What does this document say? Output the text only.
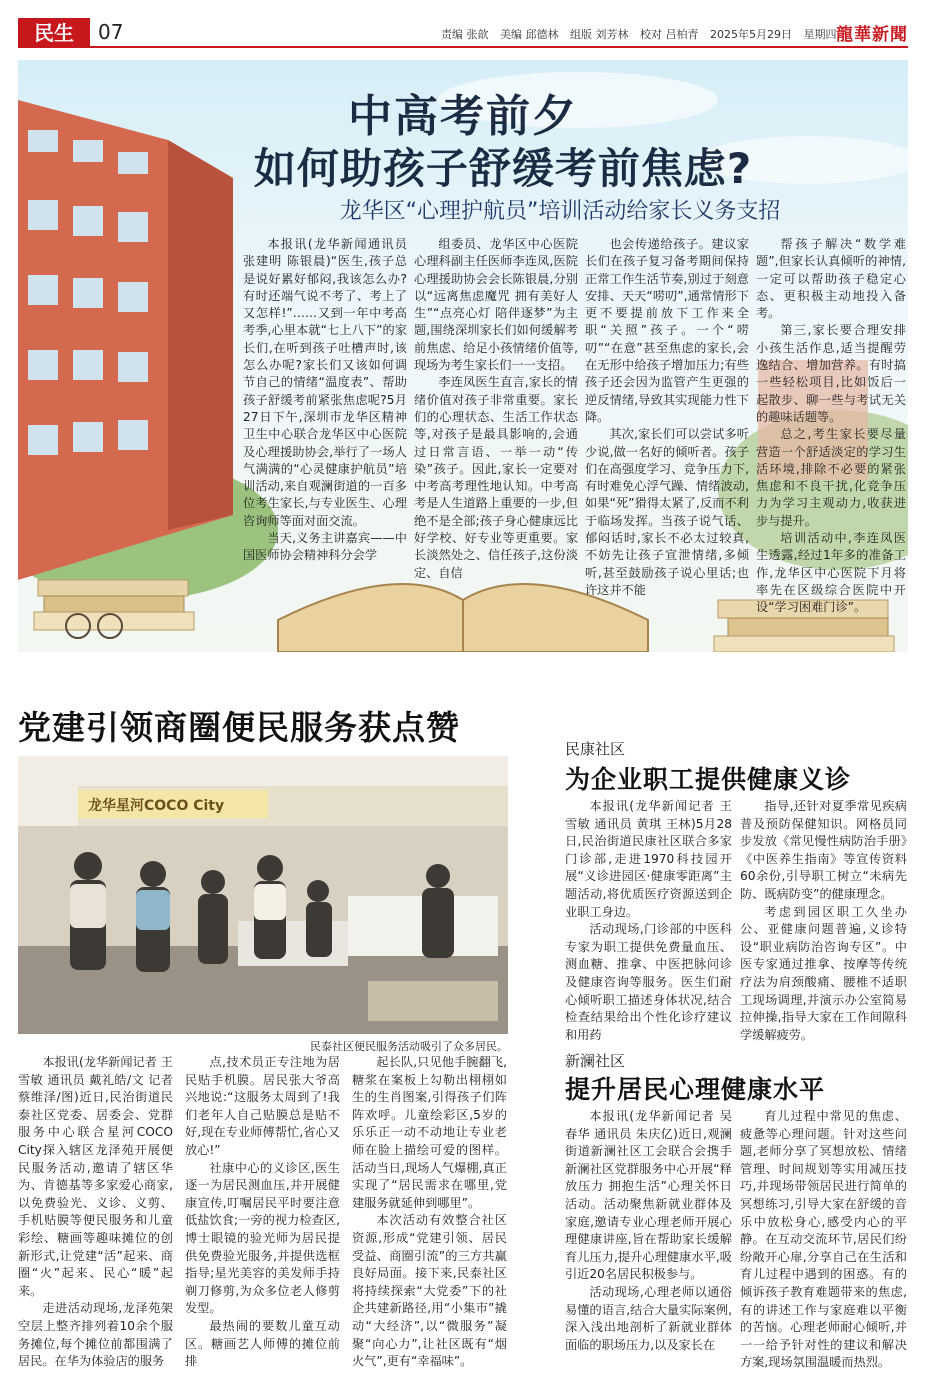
民生	07	责编 张歆 美编 邱德林 组版 刘芳林 校对 吕柏青 2025年5月29日 星期四 龍華新聞
中高考前夕
如何助孩子舒缓考前焦虑?
龙华区“心理护航员”培训活动给家长义务支招

本报讯(龙华新闻通讯员 张建明 陈银晨)“医生,孩子总是说好累好郁闷,我该怎么办?有时还端气说不考了、考上了又怎样!”……又到一年中考高考季,心里本就“七上八下”的家长们,在听到孩子吐槽声时,该怎么办呢?家长们又该如何调节自己的情绪“温度表”、帮助孩子舒缓考前紧张焦虑呢?5月27日下午,深圳市龙华区精神卫生中心联合龙华区中心医院及心理援助协会,举行了一场人气满满的“心灵健康护航员”培训活动,来自观澜街道的一百多位考生家长,与专业医生、心理咨询师等面对面交流。

当天,义务主讲嘉宾——中国医师协会精神科分会学

组委员、龙华区中心医院心理科副主任医师李连凤,医院心理援助协会会长陈银晨,分别以“远离焦虑魔咒 拥有美好人生”“点亮心灯 陪伴逐梦”为主题,围绕深圳家长们如何缓解考前焦虑、给足小孩情绪价值等,现场为考生家长们一一支招。

李连凤医生直言,家长的情绪价值对孩子非常重要。家长们的心理状态、生活工作状态等,对孩子是最具影响的,会通过日常言语、一举一动“传染”孩子。因此,家长一定要对中考高考理性地认知。中考高考是人生道路上重要的一步,但绝不是全部;孩子身心健康远比好学校、好专业等更重要。家长淡然处之、信任孩子,这份淡定、自信

也会传递给孩子。建议家长们在孩子复习备考期间保持正常工作生活节奏,别过于刻意安排、天天“唠叨”,通常情形下更不要提前放下工作来全职“关照”孩子。一个“唠叨”“在意”甚至焦虑的家长,会在无形中给孩子增加压力;有些孩子还会因为监管产生更强的逆反情绪,导致其实现能力性下降。

其次,家长们可以尝试多听少说,做一名好的倾听者。孩子们在高强度学习、竞争压力下,有时难免心浮气躁、情绪波动,如果“死”猾得太紧了,反而不利于临场发挥。当孩子说气话、郁闷话时,家长不必太过较真,不妨先让孩子宣泄情绪,多倾听,甚至鼓励孩子说心里话;也许这并不能

帮孩子解决“数学难题”,但家长认真倾听的神情,一定可以帮助孩子稳定心态、更积极主动地投入备考。

第三,家长要合理安排小孩生活作息,适当提醒劳逸结合、增加营养。有时搞一些轻松项目,比如饭后一起散步、聊一些与考试无关的趣味话题等。

总之,考生家长要尽量营造一个舒适淡定的学习生活环境,排除不必要的紧张焦虑和不良干扰,化竞争压力为学习主观动力,收获进步与提升。

培训活动中,李连凤医生透露,经过1年多的准备工作,龙华区中心医院下月将率先在区级综合医院中开设“学习困难门诊”。

党建引领商圈便民服务获点赞
龙华星河COCO City
民泰社区便民服务活动吸引了众多居民。

本报讯(龙华新闻记者 王雪敏 通讯员 戴礼皓/文 记者 蔡维泽/图)近日,民治街道民泰社区党委、居委会、党群服务中心联合星河COCO City探入辖区龙泽苑开展便民服务活动,邀请了辖区华为、肯德基等多家爱心商家,以免费验光、义诊、义剪、手机贴膜等便民服务和儿童彩绘、糖画等趣味摊位的创新形式,让党建“活”起来、商圈“火”起来、民心“暖”起来。

走进活动现场,龙泽苑架空层上整齐排列着10余个服务摊位,每个摊位前都围满了居民。在华为体验店的服务

点,技术员正专注地为居民贴手机膜。居民张大爷高兴地说:“这服务太周到了!我们老年人自己贴膜总是贴不好,现在专业师傅帮忙,省心又放心!”

社康中心的义诊区,医生逐一为居民测血压,并开展健康宣传,叮嘱居民平时要注意低盐饮食;一旁的视力检查区,博士眼镜的验光师为居民提供免费验光服务,并提供选框指导;星光美容的美发师手持剃刀修剪,为众多位老人修剪发型。

最热闹的要数儿童互动区。糖画艺人师傅的摊位前排

起长队,只见他手腕翻飞,糖浆在案板上勾勒出栩栩如生的生肖图案,引得孩子们阵阵欢呼。儿童绘彩区,5岁的乐乐正一动不动地让专业老师在脸上描绘可爱的图样。活动当日,现场人气爆棚,真正实现了“居民需求在哪里,党建服务就延伸到哪里”。

本次活动有效整合社区资源,形成“党建引领、居民受益、商圈引流”的三方共赢良好局面。接下来,民泰社区将持续探索“大党委”下的社企共建新路径,用“小集市”撬动“大经济”,以“微服务”凝聚“向心力”,让社区既有“烟火气”,更有“幸福味”。

民康社区
为企业职工提供健康义诊

本报讯(龙华新闻记者 王雪敏 通讯员 黄琪 王林)5月28日,民治街道民康社区联合多家门诊部,走进1970科技园开展“义诊进园区·健康零距离”主题活动,将优质医疗资源送到企业职工身边。

活动现场,门诊部的中医科专家为职工提供免费量血压、测血糖、推拿、中医把脉问诊及健康咨询等服务。医生们耐心倾听职工描述身体状况,结合检查结果给出个性化诊疗建议和用药

指导,还针对夏季常见疾病普及预防保健知识。网格员同步发放《常见慢性病防治手册》《中医养生指南》等宣传资料60余份,引导职工树立“未病先防、既病防变”的健康理念。

考虑到园区职工久坐办公、亚健康问题普遍,义诊特设“职业病防治咨询专区”。中医专家通过推拿、按摩等传统疗法为肩颈酸痛、腰椎不适职工现场调理,并演示办公室简易拉伸操,指导大家在工作间隙科学缓解疲劳。

新澜社区
提升居民心理健康水平

本报讯(龙华新闻记者 吴春华 通讯员 朱庆亿)近日,观澜街道新澜社区工会联合会携手新澜社区党群服务中心开展“释放压力 拥抱生活”心理关怀日活动。活动聚焦新就业群体及家庭,邀请专业心理老师开展心理健康讲座,旨在帮助家长缓解育儿压力,提升心理健康水平,吸引近20名居民积极参与。

活动现场,心理老师以通俗易懂的语言,结合大量实际案例,深入浅出地剖析了新就业群体面临的职场压力,以及家长在

育儿过程中常见的焦虑、疲惫等心理问题。针对这些问题,老师分享了冥想放松、情绪管理、时间规划等实用减压技巧,并现场带领居民进行简单的冥想练习,引导大家在舒缓的音乐中放松身心,感受内心的平静。在互动交流环节,居民们纷纷敞开心扉,分享自己在生活和育儿过程中遇到的困惑。有的倾诉孩子教育难题带来的焦虑,有的讲述工作与家庭难以平衡的苦恼。心理老师耐心倾听,并一一给予针对性的建议和解决方案,现场氛围温暖而热烈。
